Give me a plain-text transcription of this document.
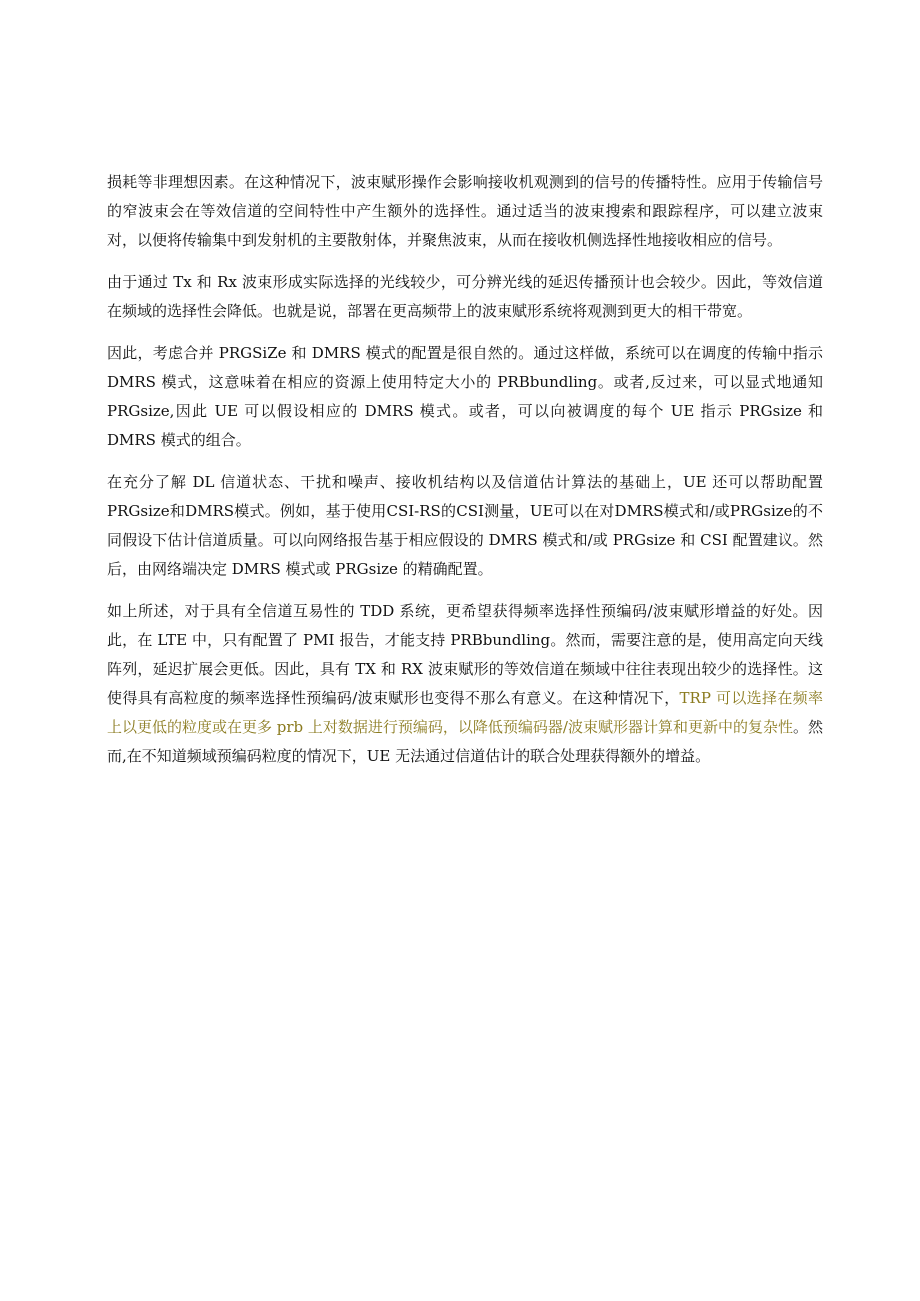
损耗等非理想因素。在这种情况下，波束赋形操作会影响接收机观测到的信号的传播特性。应用于传输信号的窄波束会在等效信道的空间特性中产生额外的选择性。通过适当的波束搜索和跟踪程序，可以建立波束对，以便将传输集中到发射机的主要散射体，并聚焦波束，从而在接收机侧选择性地接收相应的信号。

由于通过 Tx 和 Rx 波束形成实际选择的光线较少，可分辨光线的延迟传播预计也会较少。因此，等效信道在频域的选择性会降低。也就是说，部署在更高频带上的波束赋形系统将观测到更大的相干带宽。

因此，考虑合并 PRGSiZe 和 DMRS 模式的配置是很自然的。通过这样做，系统可以在调度的传输中指示 DMRS 模式，这意味着在相应的资源上使用特定大小的 PRBbundling。或者,反过来，可以显式地通知 PRGsize,因此 UE 可以假设相应的 DMRS 模式。或者，可以向被调度的每个 UE 指示 PRGsize 和 DMRS 模式的组合。

在充分了解 DL 信道状态、干扰和噪声、接收机结构以及信道估计算法的基础上，UE 还可以帮助配置PRGsize和DMRS模式。例如，基于使用CSI-RS的CSI测量，UE可以在对DMRS模式和/或PRGsize的不同假设下估计信道质量。可以向网络报告基于相应假设的 DMRS 模式和/或 PRGsize 和 CSI 配置建议。然后，由网络端决定 DMRS 模式或 PRGsize 的精确配置。

如上所述，对于具有全信道互易性的 TDD 系统，更希望获得频率选择性预编码/波束赋形增益的好处。因此，在 LTE 中，只有配置了 PMI 报告，才能支持 PRBbundling。然而，需要注意的是，使用高定向天线阵列，延迟扩展会更低。因此，具有 TX 和 RX 波束赋形的等效信道在频域中往往表现出较少的选择性。这使得具有高粒度的频率选择性预编码/波束赋形也变得不那么有意义。在这种情况下，TRP 可以选择在频率上以更低的粒度或在更多 prb 上对数据进行预编码，以降低预编码器/波束赋形器计算和更新中的复杂性。然而,在不知道频域预编码粒度的情况下，UE 无法通过信道估计的联合处理获得额外的增益。
